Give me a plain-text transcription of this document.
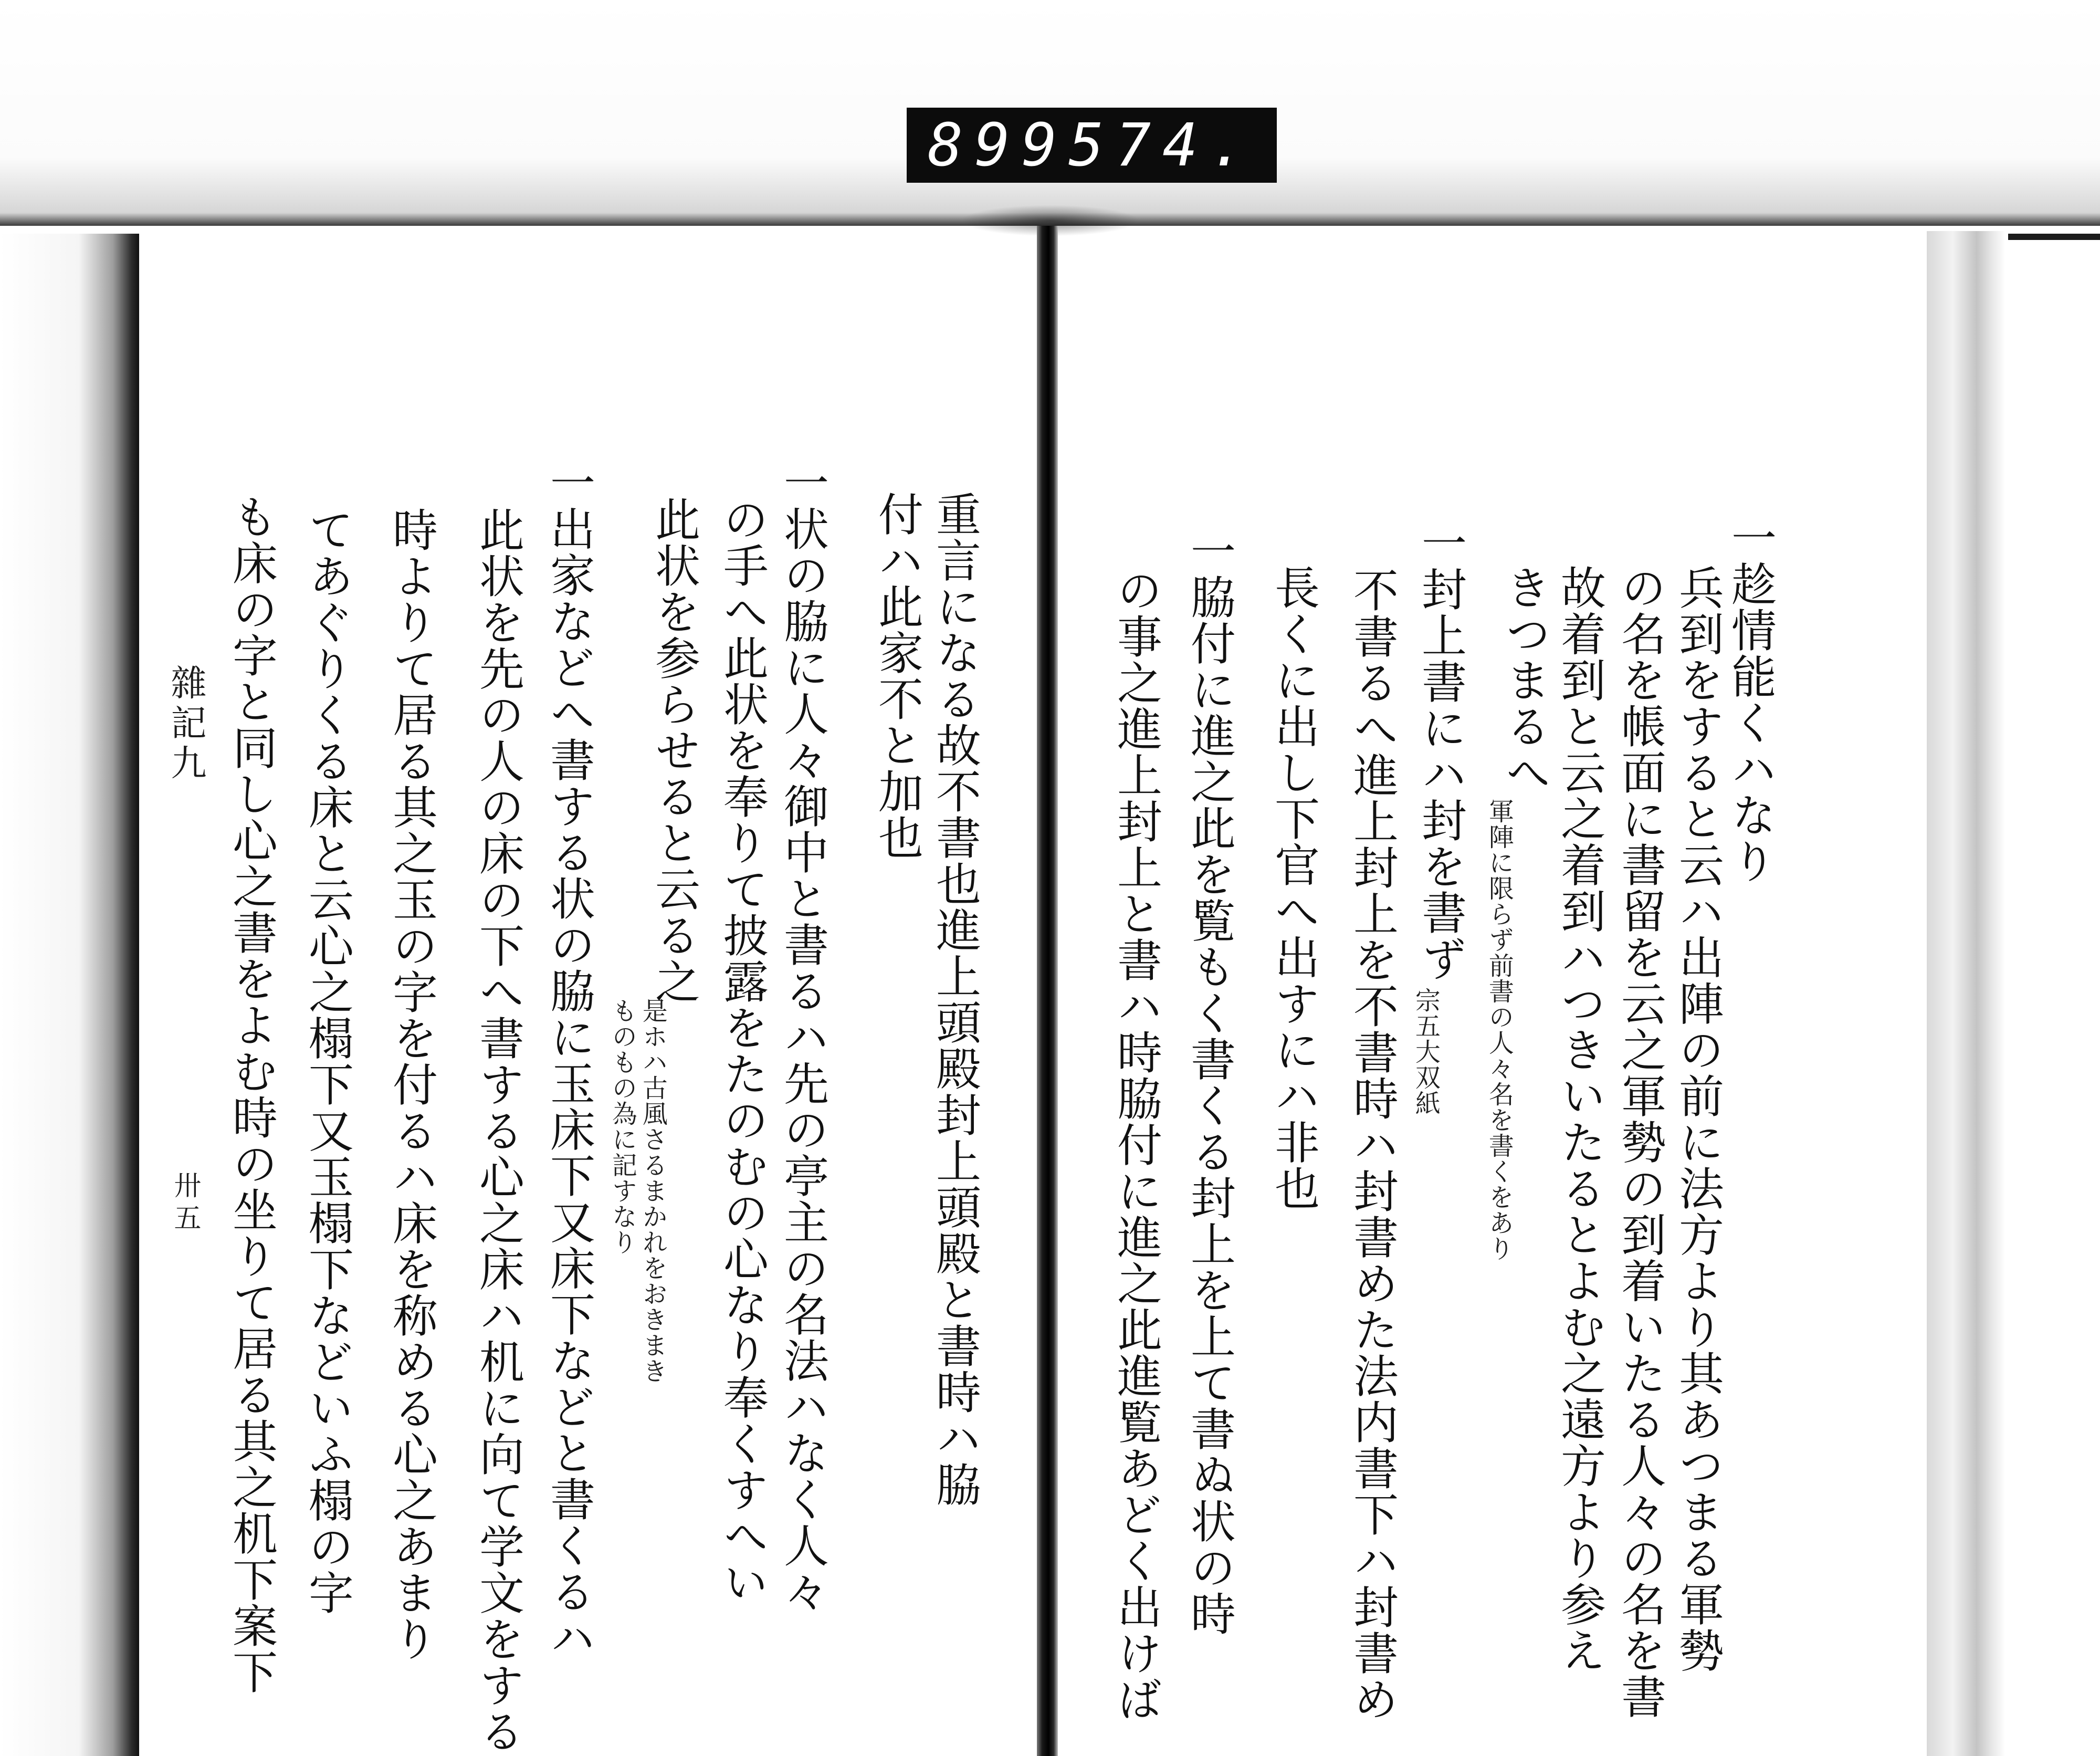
899 574.
一趁情能くハなり
兵到をすると云ハ出陣の前に法方より其あつまる軍勢
の名を帳面に書留を云之軍勢の到着いたる人々の名を書
故着到と云之着到ハつきいたるとよむ之遠方より参え
きつまるへ
軍陣に限らず前書の人々名を書くをあり
一封上書にハ封を書ず
宗五大双紙
不書るへ進上封上を不書時ハ封書めた法内書下ハ封書め
長くに出し下官へ出すにハ非也
一脇付に進之此を覧もく書くる封上を上て書ぬ状の時
の事之進上封上と書ハ時脇付に進之此進覧あどく出けば
重言になる故不書也進上頭殿封上頭殿と書時ハ脇
付ハ此家不と加也
一状の脇に人々御中と書るハ先の亭主の名法ハなく人々
の手へ此状を奉りて披露をたのむの心なり奉くすへい
此状を参らせると云る之
是ホハ古風さるまかれをおきまき
ものもの為に記すなり
一出家などへ書する状の脇に玉床下又床下などと書くるハ
此状を先の人の床の下へ書する心之床ハ机に向て学文をする
時よりて居る其之玉の字を付るハ床を称める心之あまり
てあぐりくる床と云心之榻下又玉榻下などいふ榻の字
も床の字と同し心之書をよむ時の坐りて居る其之机下案下
雜記九
卅五
